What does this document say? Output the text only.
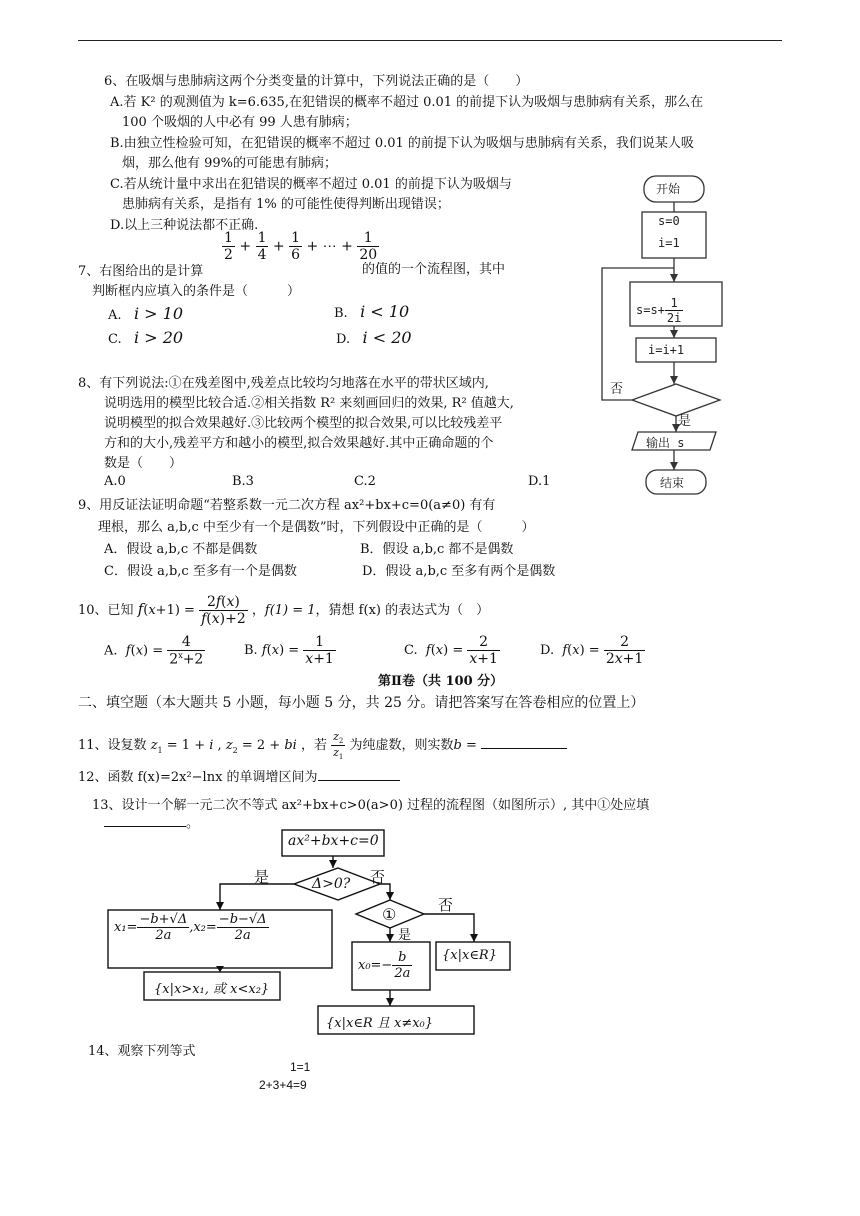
6、在吸烟与患肺病这两个分类变量的计算中，下列说法正确的是（　　）
A.若 K² 的观测值为 k=6.635,在犯错误的概率不超过 0.01 的前提下认为吸烟与患肺病有关系，那么在
100 个吸烟的人中必有 99 人患有肺病；
B.由独立性检验可知，在犯错误的概率不超过 0.01 的前提下认为吸烟与患肺病有关系，我们说某人吸
烟，那么他有 99%的可能患有肺病；
C.若从统计量中求出在犯错误的概率不超过 0.01 的前提下认为吸烟与
患肺病有关系，是指有 1% 的可能性使得判断出现错误；
D.以上三种说法都不正确.
$\frac{1}{2} + \frac{1}{4} + \frac{1}{6}$ + ⋯ + $\frac{1}{20}$
7、右图给出的是计算	的值的一个流程图，其中
判断框内应填入的条件是（　　　）
A. i > 10	B. i < 10
C. i > 20	D. i < 20
8、有下列说法:①在残差图中,残差点比较均匀地落在水平的带状区域内,
说明选用的模型比较合适.②相关指数 R² 来刻画回归的效果, R² 值越大,
说明模型的拟合效果越好.③比较两个模型的拟合效果,可以比较残差平
方和的大小,残差平方和越小的模型,拟合效果越好.其中正确命题的个
数是（　　）
A.0	B.3	C.2	D.1
9、用反证法证明命题“若整系数一元二次方程 ax²+bx+c=0(a≠0) 有有
理根，那么 a,b,c 中至少有一个是偶数”时，下列假设中正确的是（　　　）
A．假设 a,b,c 不都是偶数	B．假设 a,b,c 都不是偶数
C．假设 a,b,c 至多有一个是偶数	D．假设 a,b,c 至多有两个是偶数
10、已知 $f(x+1) = \frac{2f(x)}{f(x)+2}$ ，f(1) = 1，猜想 f(x) 的表达式为（　）
A. $f(x) = \frac{4}{2^x+2}$	B. $f(x) = \frac{1}{x+1}$	C. $f(x) = \frac{2}{x+1}$	D. $f(x) = \frac{2}{2x+1}$
第Ⅱ卷（共 100 分）
二、填空题（本大题共 5 小题，每小题 5 分，共 25 分。请把答案写在答卷相应的位置上）
11、设复数 $z_1 = 1 + i$ , $z_2 = 2$ + bi ，若 $\frac{z_2}{z_1}$ 为纯虚数，则实数b =
12、函数 f(x)=2x²−lnx 的单调增区间为
13、设计一个解一元二次不等式 ax²+bx+c>0(a>0) 过程的流程图（如图所示）, 其中①处应填
。
14、观察下列等式
1=1
2+3+4=9
开始
s=0
i=1
$s=s+ \frac{1}{2i}$
i=i+1
否
是
输出 s
结束
ax²+bx+c=0
Δ>0?
是	否
①	否
是
$x_1= \frac{-b+√\Delta}{2a} ,x_2= \frac{-b-√\Delta}{2a}$
{x|x>x₁, 或 x<x₂}
$x_0=- \frac{b}{2a}$ {x|x∈R}
{x|x∈R 且 x≠x₀}
